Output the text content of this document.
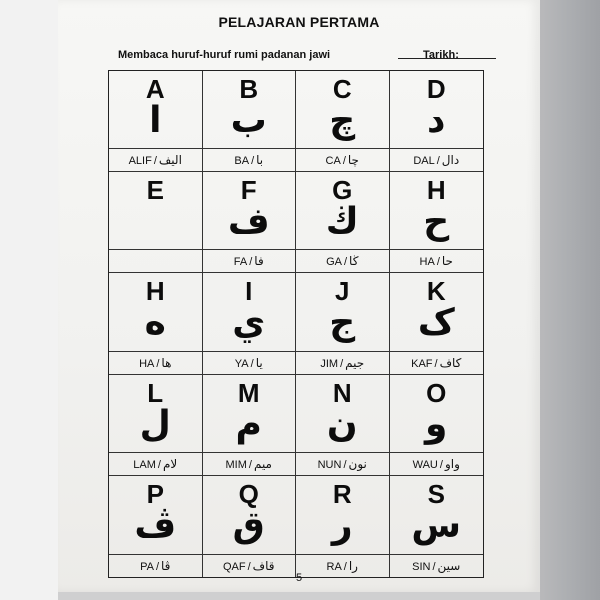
PELAJARAN PERTAMA
Membaca huruf-huruf rumi padanan jawi	Tarikh:
A
ا
ALIF / اليف
B
ب
BA / با
C
چ
CA / چا
D
د
DAL / دال
E	F
ف
FA / فا
G
ڬ
GA / ڬا
H
ح
HA / حا
H
ه
HA / ها
I
ي
YA / يا
J
ج
JIM / جيم
K
ک
KAF / كاف
L
ل
LAM / لام
M
م
MIM / ميم
N
ن
NUN / نون
O
و
WAU / واو
P
ڤ
PA / ڤا
Q
ق
QAF / قاف
R
ر
RA / را
S
س
SIN / سين
5
